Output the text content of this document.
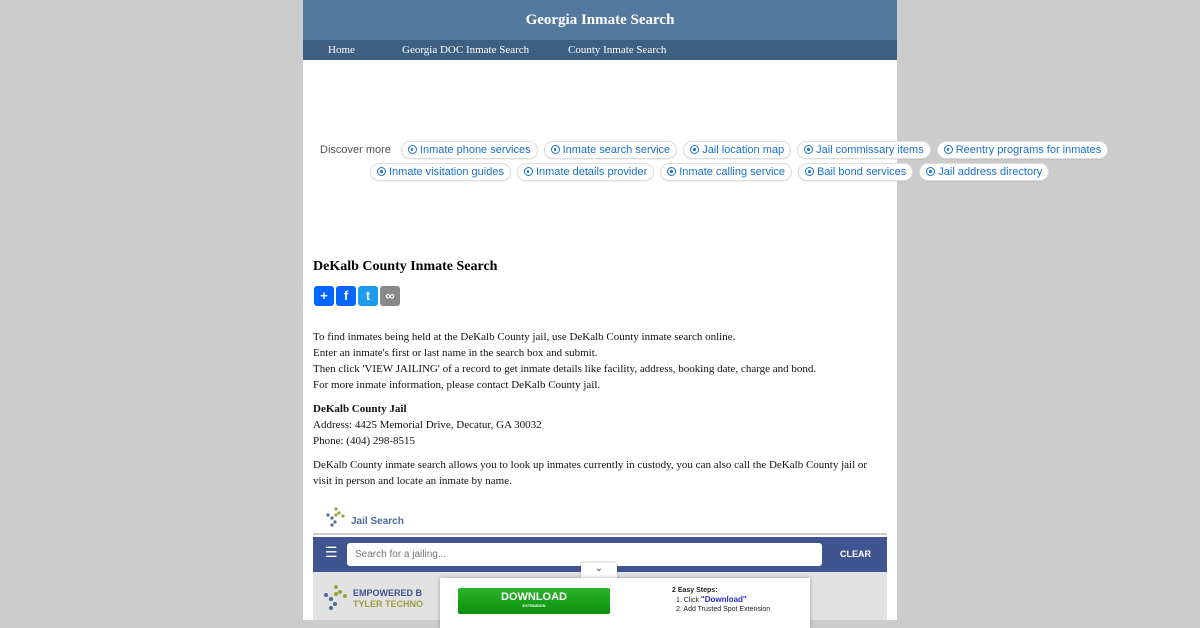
Georgia Inmate Search
Home	Georgia DOC Inmate Search	County Inmate Search
DeKalb County Inmate Search
+	f	t	∞
To find inmates being held at the DeKalb County jail, use DeKalb County inmate search online.
Enter an inmate's first or last name in the search box and submit.
Then click 'VIEW JAILING' of a record to get inmate details like facility, address, booking date, charge and bond.
For more inmate information, please contact DeKalb County jail.
DeKalb County Jail
Address: 4425 Memorial Drive, Decatur, GA 30032
Phone: (404) 298-8515
DeKalb County inmate search allows you to look up inmates currently in custody, you can also call the DeKalb County jail or visit in person and locate an inmate by name.
Jail Search
☰
Search for a jailing...	CLEAR
EMPOWERED B
TYLER TECHNO
Discover more	Inmate phone services	Inmate search service	Jail location map	Jail commissary items	Reentry programs for inmates
Inmate visitation guides	Inmate details provider	Inmate calling service	Bail bond services	Jail address directory
⌄
DOWNLOAD
EXTENSION
2 Easy Steps:
1. Click "Download"
2. Add Trusted Spot Extension
